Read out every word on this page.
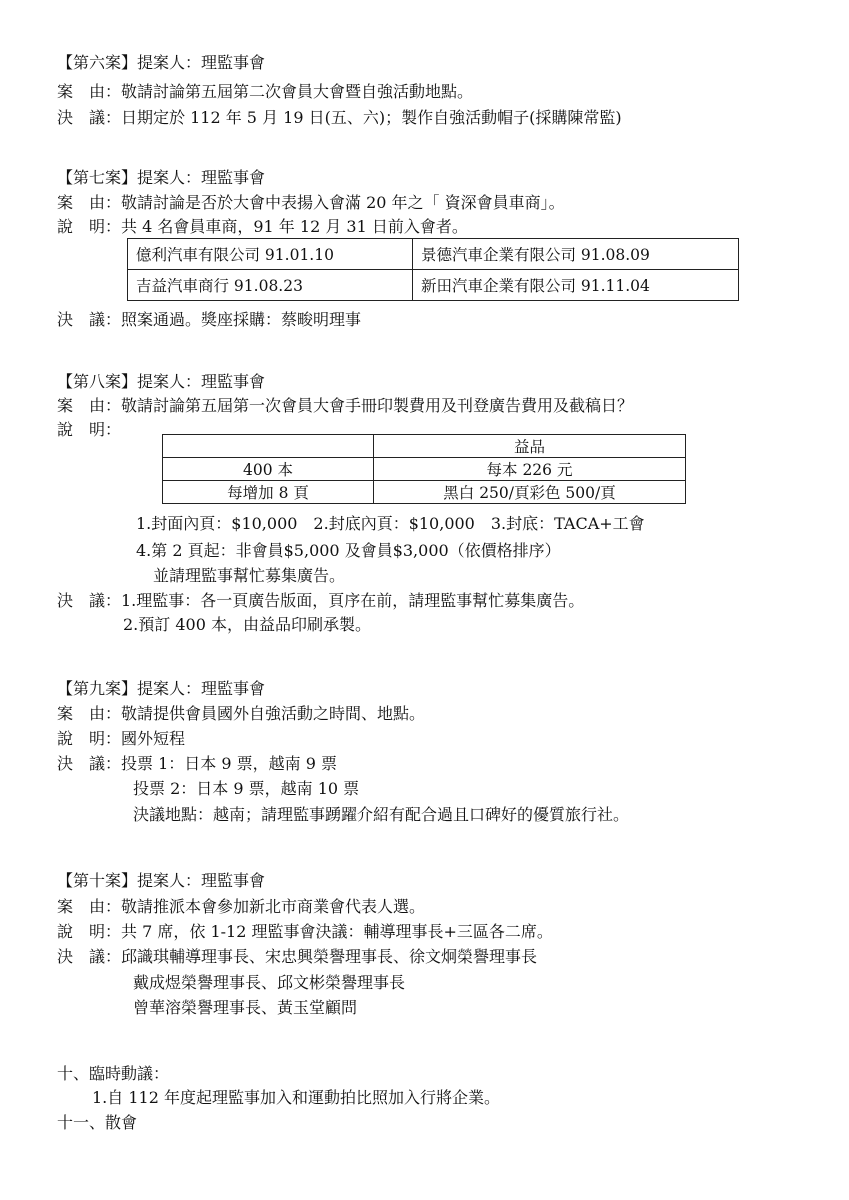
【第六案】提案人：理監事會
案　由：敬請討論第五屆第二次會員大會暨自強活動地點。
決　議：日期定於 112 年 5 月 19 日(五、六)；製作自強活動帽子(採購陳常監)
【第七案】提案人：理監事會
案　由：敬請討論是否於大會中表揚入會滿 20 年之「 資深會員車商」。
說　明：共 4 名會員車商，91 年 12 月 31 日前入會者。
億利汽車有限公司 91.01.10	景德汽車企業有限公司 91.08.09
吉益汽車商行 91.08.23	新田汽車企業有限公司 91.11.04
決　議：照案通過。獎座採購：蔡畯明理事
【第八案】提案人：理監事會
案　由：敬請討論第五屆第一次會員大會手冊印製費用及刊登廣告費用及截稿日？
說　明：
	益品
400 本	每本 226 元
每增加 8 頁	黑白 250/頁彩色 500/頁
1.封面內頁：$10,000　2.封底內頁：$10,000　3.封底：TACA+工會
4.第 2 頁起：非會員$5,000 及會員$3,000（依價格排序）
並請理監事幫忙募集廣告。
決　議：1.理監事：各一頁廣告版面，頁序在前，請理監事幫忙募集廣告。
2.預訂 400 本，由益品印刷承製。
【第九案】提案人：理監事會
案　由：敬請提供會員國外自強活動之時間、地點。
說　明：國外短程
決　議：投票 1：日本 9 票，越南 9 票
投票 2：日本 9 票，越南 10 票
決議地點：越南；請理監事踴躍介紹有配合過且口碑好的優質旅行社。
【第十案】提案人：理監事會
案　由：敬請推派本會參加新北市商業會代表人選。
說　明：共 7 席，依 1-12 理監事會決議：輔導理事長+三區各二席。
決　議：邱識琪輔導理事長、宋忠興榮譽理事長、徐文炯榮譽理事長
戴成煜榮譽理事長、邱文彬榮譽理事長
曾華溶榮譽理事長、黃玉堂顧問
十、臨時動議：
1.自 112 年度起理監事加入和運動拍比照加入行將企業。
十一、散會
